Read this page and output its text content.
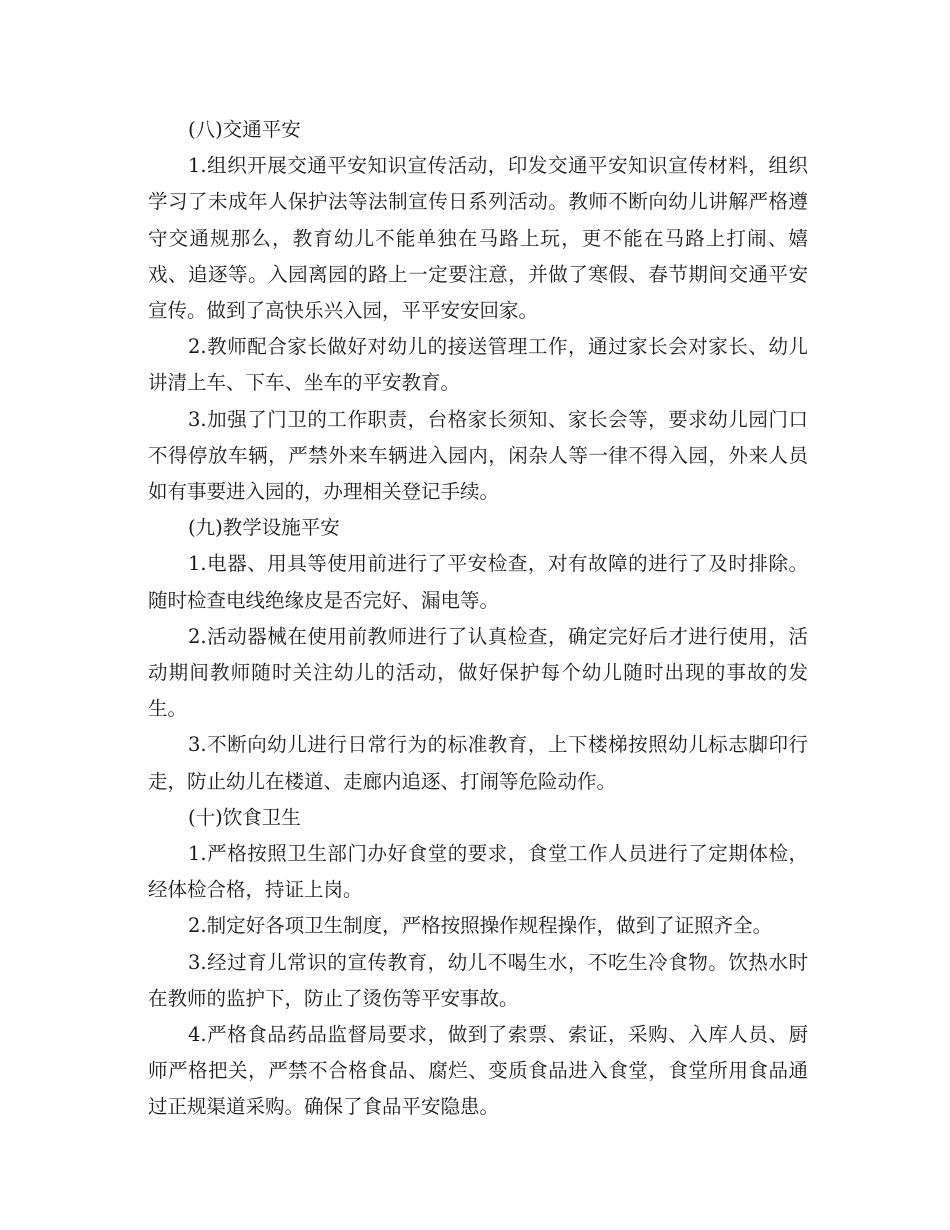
(八)交通平安

1.组织开展交通平安知识宣传活动，印发交通平安知识宣传材料，组织学习了未成年人保护法等法制宣传日系列活动。教师不断向幼儿讲解严格遵守交通规那么，教育幼儿不能单独在马路上玩，更不能在马路上打闹、嬉戏、追逐等。入园离园的路上一定要注意，并做了寒假、春节期间交通平安宣传。做到了高快乐兴入园，平平安安回家。

2.教师配合家长做好对幼儿的接送管理工作，通过家长会对家长、幼儿讲清上车、下车、坐车的平安教育。

3.加强了门卫的工作职责，台格家长须知、家长会等，要求幼儿园门口不得停放车辆，严禁外来车辆进入园内，闲杂人等一律不得入园，外来人员如有事要进入园的，办理相关登记手续。

(九)教学设施平安

1.电器、用具等使用前进行了平安检查，对有故障的进行了及时排除。随时检查电线绝缘皮是否完好、漏电等。

2.活动器械在使用前教师进行了认真检查，确定完好后才进行使用，活动期间教师随时关注幼儿的活动，做好保护每个幼儿随时出现的事故的发生。

3.不断向幼儿进行日常行为的标准教育，上下楼梯按照幼儿标志脚印行走，防止幼儿在楼道、走廊内追逐、打闹等危险动作。

(十)饮食卫生

1.严格按照卫生部门办好食堂的要求，食堂工作人员进行了定期体检，经体检合格，持证上岗。

2.制定好各项卫生制度，严格按照操作规程操作，做到了证照齐全。

3.经过育儿常识的宣传教育，幼儿不喝生水，不吃生冷食物。饮热水时在教师的监护下，防止了烫伤等平安事故。

4.严格食品药品监督局要求，做到了索票、索证，采购、入库人员、厨师严格把关，严禁不合格食品、腐烂、变质食品进入食堂，食堂所用食品通过正规渠道采购。确保了食品平安隐患。
